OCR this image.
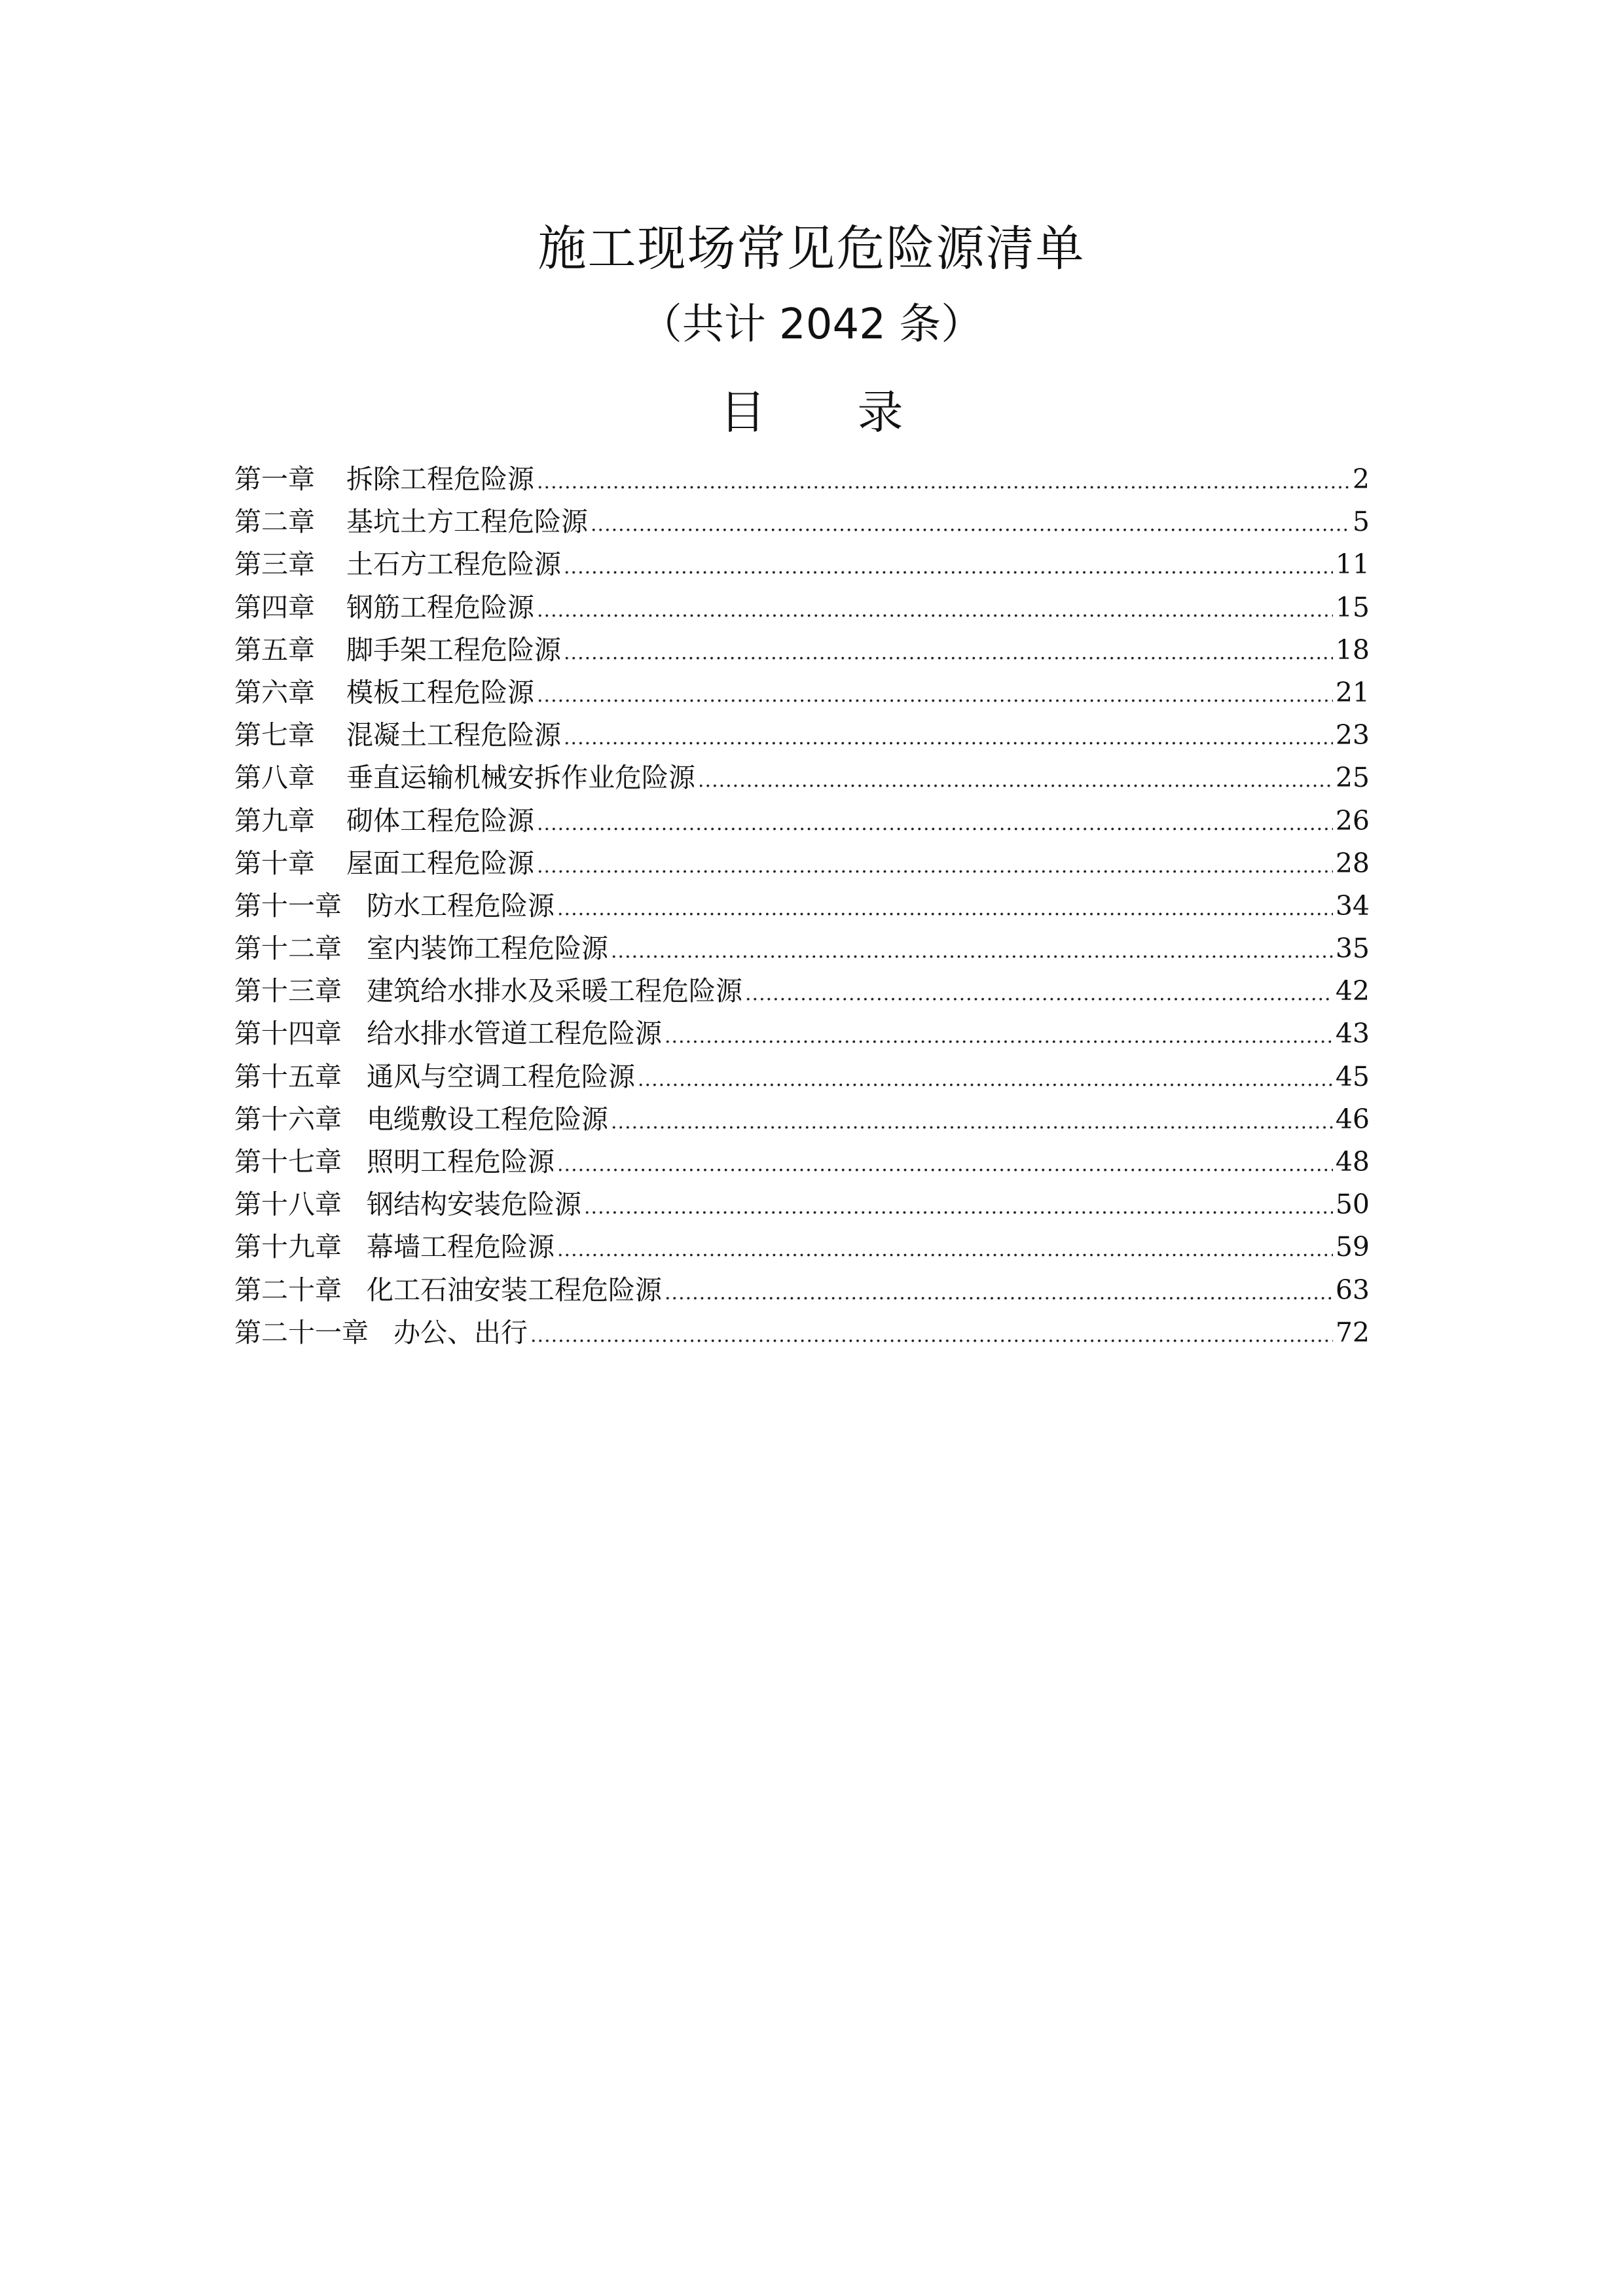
施工现场常见危险源清单
（共计 2042 条）
目 录
第一章 拆除工程危险源 .....	2
第二章 基坑土方工程危险源 .....	5
第三章 土石方工程危险源 .....	11
第四章 钢筋工程危险源 .....	15
第五章 脚手架工程危险源 .....	18
第六章 模板工程危险源 .....	21
第七章 混凝土工程危险源 .....	23
第八章 垂直运输机械安拆作业危险源 .....	25
第九章 砌体工程危险源 .....	26
第十章 屋面工程危险源 .....	28
第十一章 防水工程危险源 .....	34
第十二章 室内装饰工程危险源 .....	35
第十三章 建筑给水排水及采暖工程危险源 .....	42
第十四章 给水排水管道工程危险源 .....	43
第十五章 通风与空调工程危险源 .....	45
第十六章 电缆敷设工程危险源 .....	46
第十七章 照明工程危险源 .....	48
第十八章 钢结构安装危险源 .....	50
第十九章 幕墙工程危险源 .....	59
第二十章 化工石油安装工程危险源 .....	63
第二十一章 办公、出行 .....	72
